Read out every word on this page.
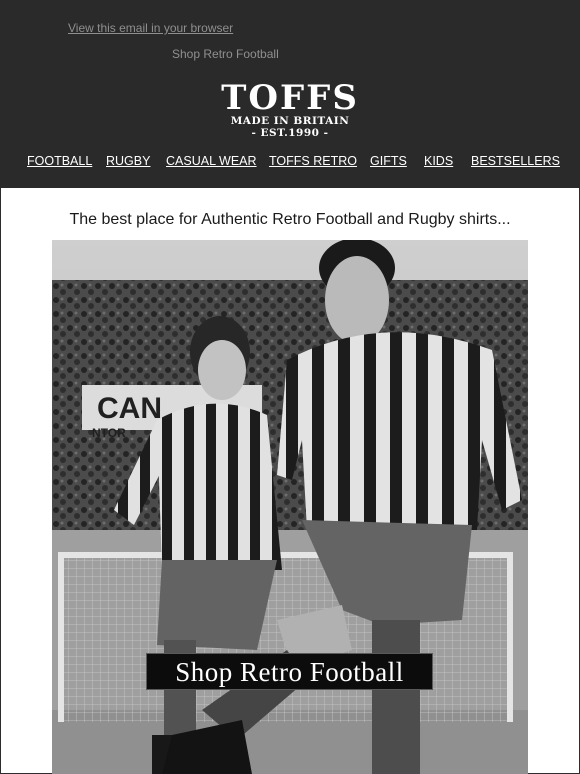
View this email in your browser
Shop Retro Football
TOFFS
MADE IN BRITAIN
- EST.1990 -
FOOTBALL RUGBY CASUAL WEAR TOFFS RETRO GIFTS KIDS BESTSELLERS
The best place for Authentic Retro Football and Rugby shirts...
CAN
NTOR
Shop Retro Football
